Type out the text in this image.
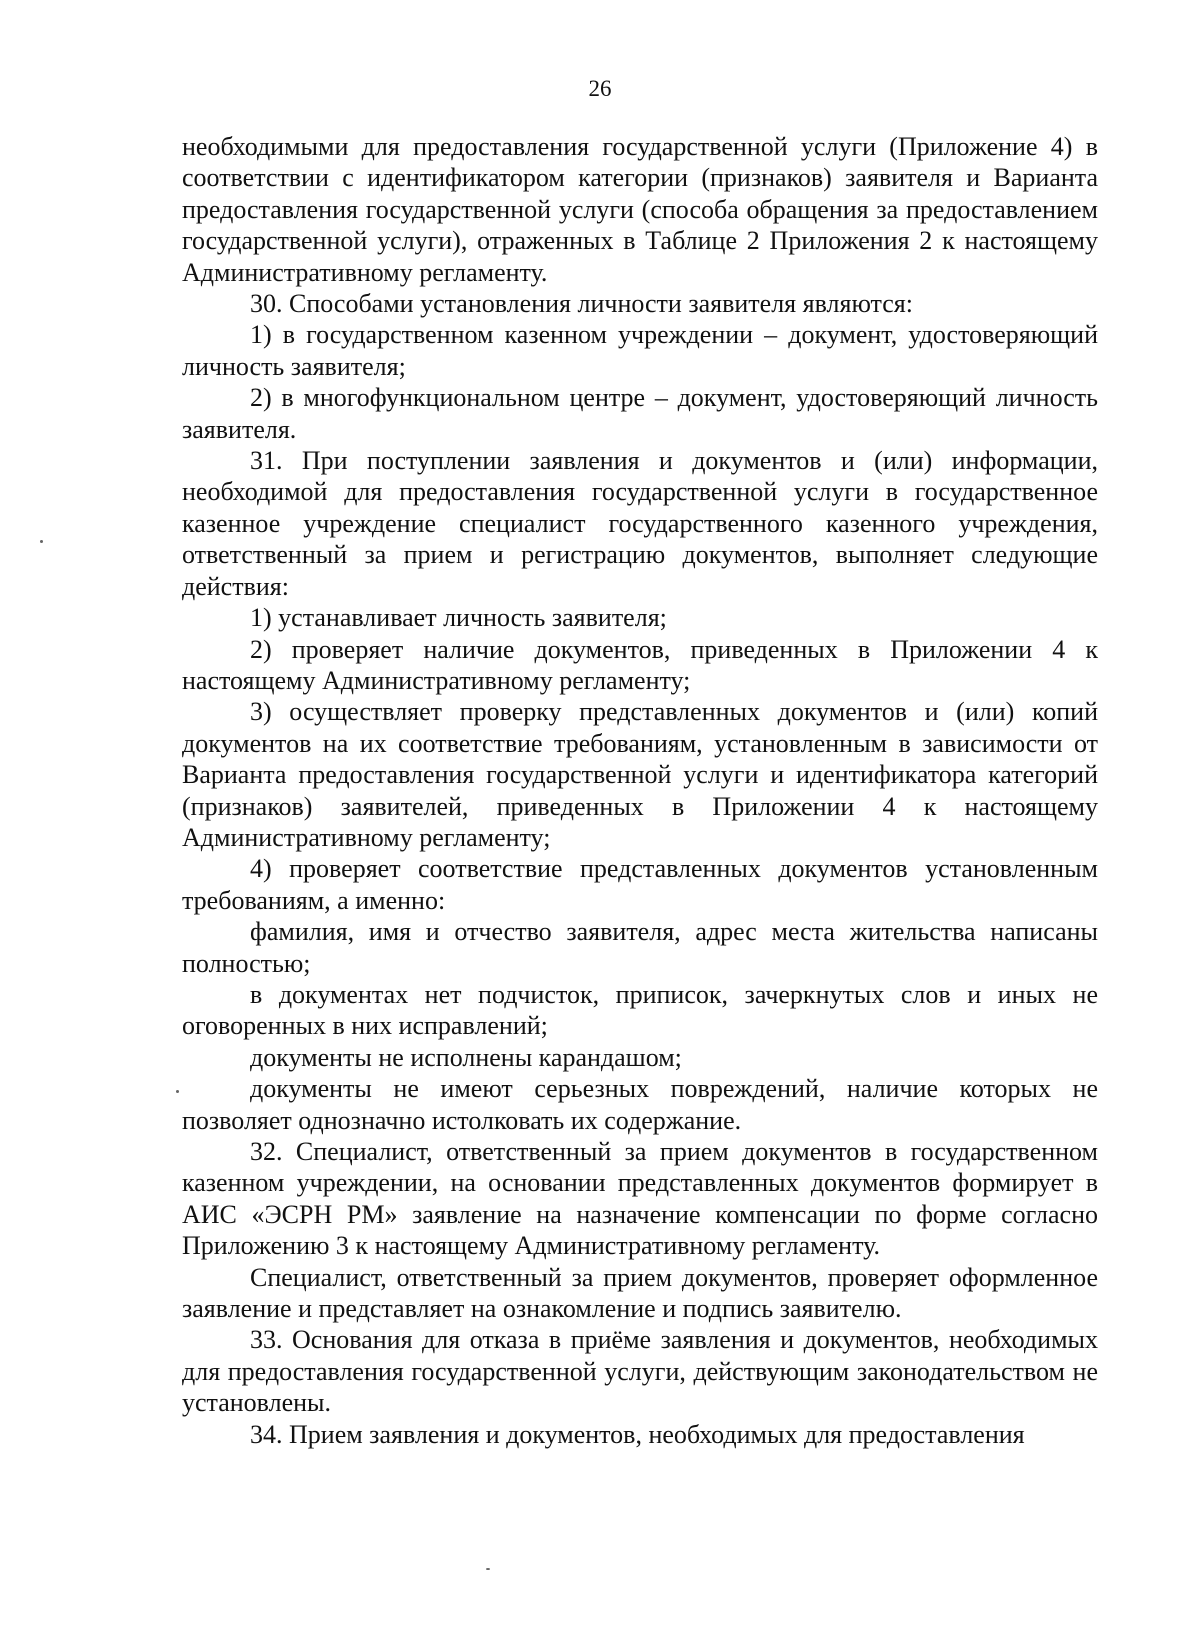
26

необходимыми для предоставления государственной услуги (Приложение 4) в соответствии с идентификатором категории (признаков) заявителя и Варианта предоставления государственной услуги (способа обращения за предоставлением государственной услуги), отраженных в Таблице 2 Приложения 2 к настоящему Административному регламенту.

30. Способами установления личности заявителя являются:

1) в государственном казенном учреждении – документ, удостоверяющий личность заявителя;

2) в многофункциональном центре – документ, удостоверяющий личность заявителя.

31. При поступлении заявления и документов и (или) информации, необходимой для предоставления государственной услуги в государственное казенное учреждение специалист государственного казенного учреждения, ответственный за прием и регистрацию документов, выполняет следующие действия:

1) устанавливает личность заявителя;

2) проверяет наличие документов, приведенных в Приложении 4 к настоящему Административному регламенту;

3) осуществляет проверку представленных документов и (или) копий документов на их соответствие требованиям, установленным в зависимости от Варианта предоставления государственной услуги и идентификатора категорий (признаков) заявителей, приведенных в Приложении 4 к настоящему Административному регламенту;

4) проверяет соответствие представленных документов установленным требованиям, а именно:

фамилия, имя и отчество заявителя, адрес места жительства написаны полностью;

в документах нет подчисток, приписок, зачеркнутых слов и иных не оговоренных в них исправлений;

документы не исполнены карандашом;

документы не имеют серьезных повреждений, наличие которых не позволяет однозначно истолковать их содержание.

32. Специалист, ответственный за прием документов в государственном казенном учреждении, на основании представленных документов формирует в АИС «ЭСРН РМ» заявление на назначение компенсации по форме согласно Приложению 3 к настоящему Административному регламенту.

Специалист, ответственный за прием документов, проверяет оформленное заявление и представляет на ознакомление и подпись заявителю.

33. Основания для отказа в приёме заявления и документов, необходимых для предоставления государственной услуги, действующим законодательством не установлены.

34. Прием заявления и документов, необходимых для предоставления
